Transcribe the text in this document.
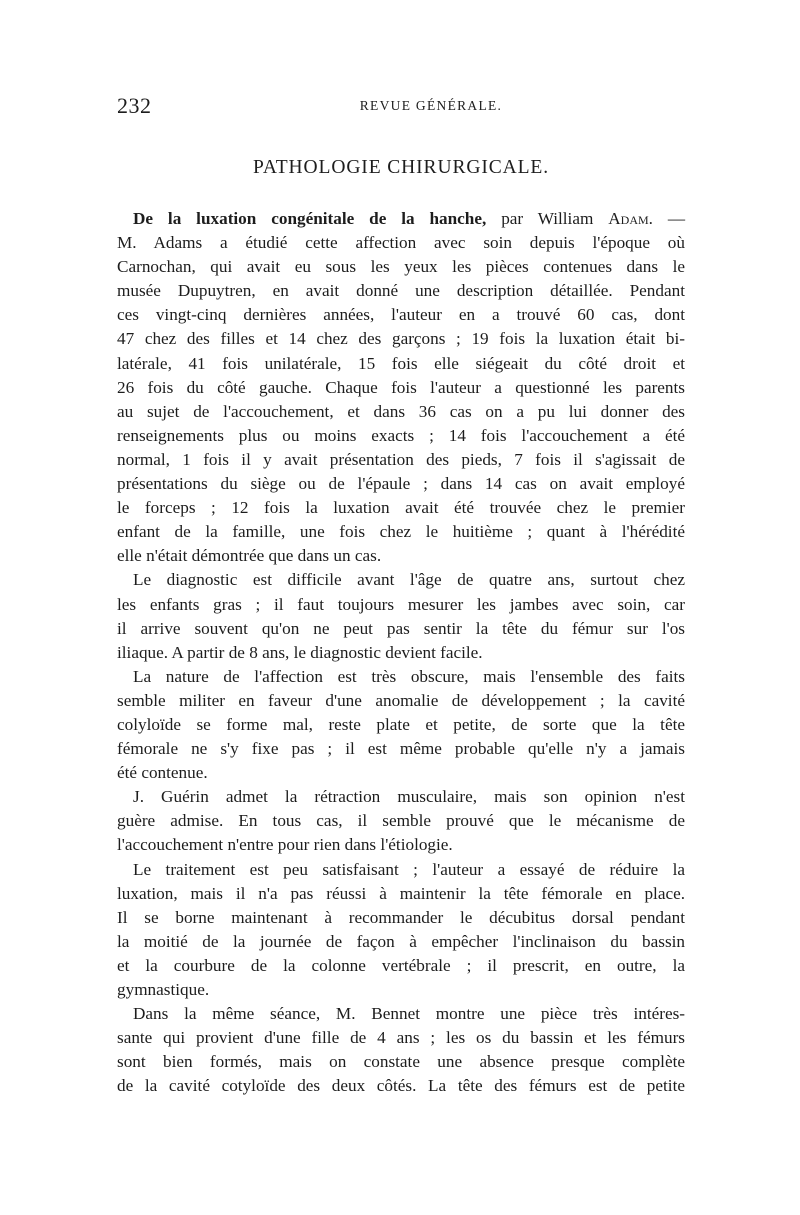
232	REVUE GÉNÉRALE.
PATHOLOGIE CHIRURGICALE.
De la luxation congénitale de la hanche, par William Adam. —
M. Adams a étudié cette affection avec soin depuis l'époque où
Carnochan, qui avait eu sous les yeux les pièces contenues dans le
musée Dupuytren, en avait donné une description détaillée. Pendant
ces vingt-cinq dernières années, l'auteur en a trouvé 60 cas, dont
47 chez des filles et 14 chez des garçons ; 19 fois la luxation était bi-
latérale, 41 fois unilatérale, 15 fois elle siégeait du côté droit et
26 fois du côté gauche. Chaque fois l'auteur a questionné les parents
au sujet de l'accouchement, et dans 36 cas on a pu lui donner des
renseignements plus ou moins exacts ; 14 fois l'accouchement a été
normal, 1 fois il y avait présentation des pieds, 7 fois il s'agissait de
présentations du siège ou de l'épaule ; dans 14 cas on avait employé
le forceps ; 12 fois la luxation avait été trouvée chez le premier
enfant de la famille, une fois chez le huitième ; quant à l'hérédité
elle n'était démontrée que dans un cas.
Le diagnostic est difficile avant l'âge de quatre ans, surtout chez
les enfants gras ; il faut toujours mesurer les jambes avec soin, car
il arrive souvent qu'on ne peut pas sentir la tête du fémur sur l'os
iliaque. A partir de 8 ans, le diagnostic devient facile.
La nature de l'affection est très obscure, mais l'ensemble des faits
semble militer en faveur d'une anomalie de développement ; la cavité
colyloïde se forme mal, reste plate et petite, de sorte que la tête
fémorale ne s'y fixe pas ; il est même probable qu'elle n'y a jamais
été contenue.
J. Guérin admet la rétraction musculaire, mais son opinion n'est
guère admise. En tous cas, il semble prouvé que le mécanisme de
l'accouchement n'entre pour rien dans l'étiologie.
Le traitement est peu satisfaisant ; l'auteur a essayé de réduire la
luxation, mais il n'a pas réussi à maintenir la tête fémorale en place.
Il se borne maintenant à recommander le décubitus dorsal pendant
la moitié de la journée de façon à empêcher l'inclinaison du bassin
et la courbure de la colonne vertébrale ; il prescrit, en outre, la
gymnastique.
Dans la même séance, M. Bennet montre une pièce très intéres-
sante qui provient d'une fille de 4 ans ; les os du bassin et les fémurs
sont bien formés, mais on constate une absence presque complète
de la cavité cotyloïde des deux côtés. La tête des fémurs est de petite
